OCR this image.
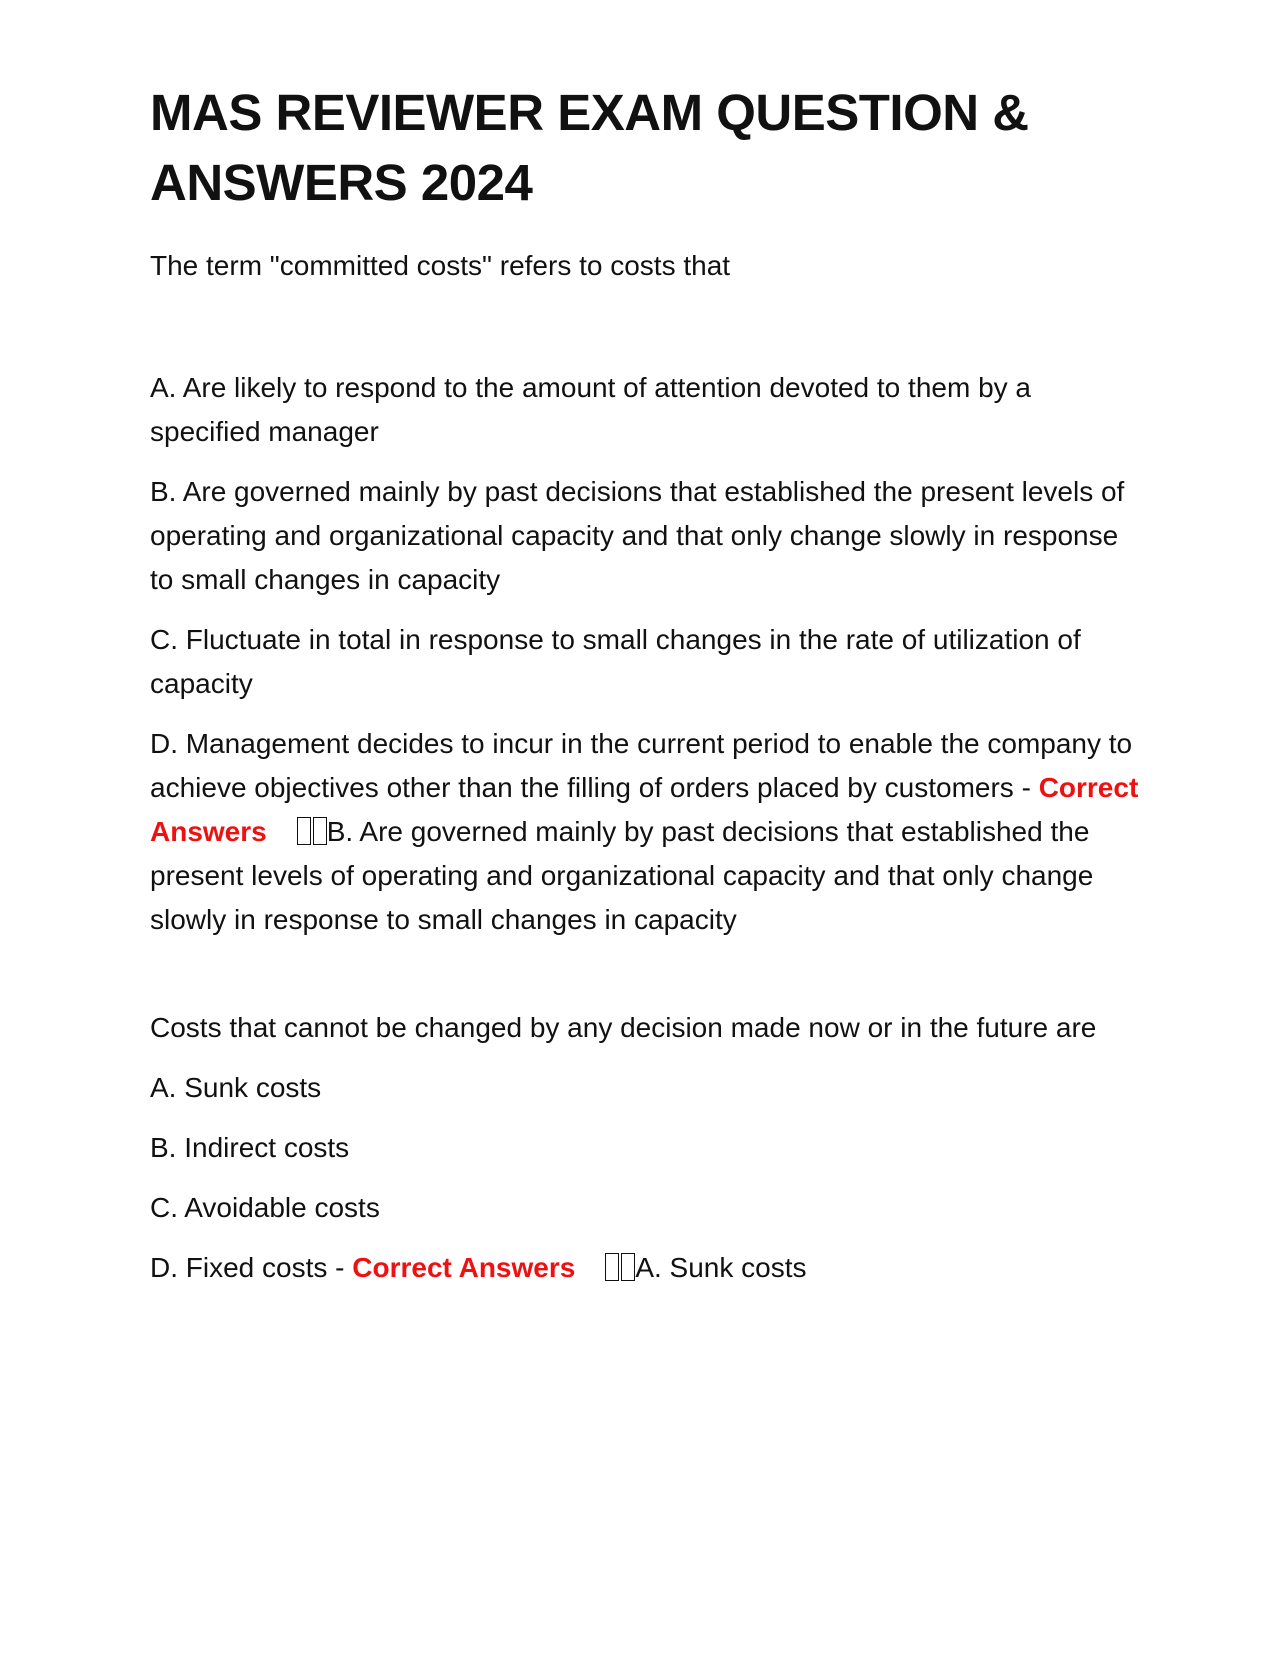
MAS REVIEWER EXAM QUESTION & ANSWERS 2024

The term "committed costs" refers to costs that

A. Are likely to respond to the amount of attention devoted to them by a specified manager

B. Are governed mainly by past decisions that established the present levels of operating and organizational capacity and that only change slowly in response to small changes in capacity

C. Fluctuate in total in response to small changes in the rate of utilization of capacity

D. Management decides to incur in the current period to enable the company to achieve objectives other than the filling of orders placed by customers - Correct Answers B. Are governed mainly by past decisions that established the present levels of operating and organizational capacity and that only change slowly in response to small changes in capacity

Costs that cannot be changed by any decision made now or in the future are

A. Sunk costs

B. Indirect costs

C. Avoidable costs

D. Fixed costs - Correct Answers A. Sunk costs
